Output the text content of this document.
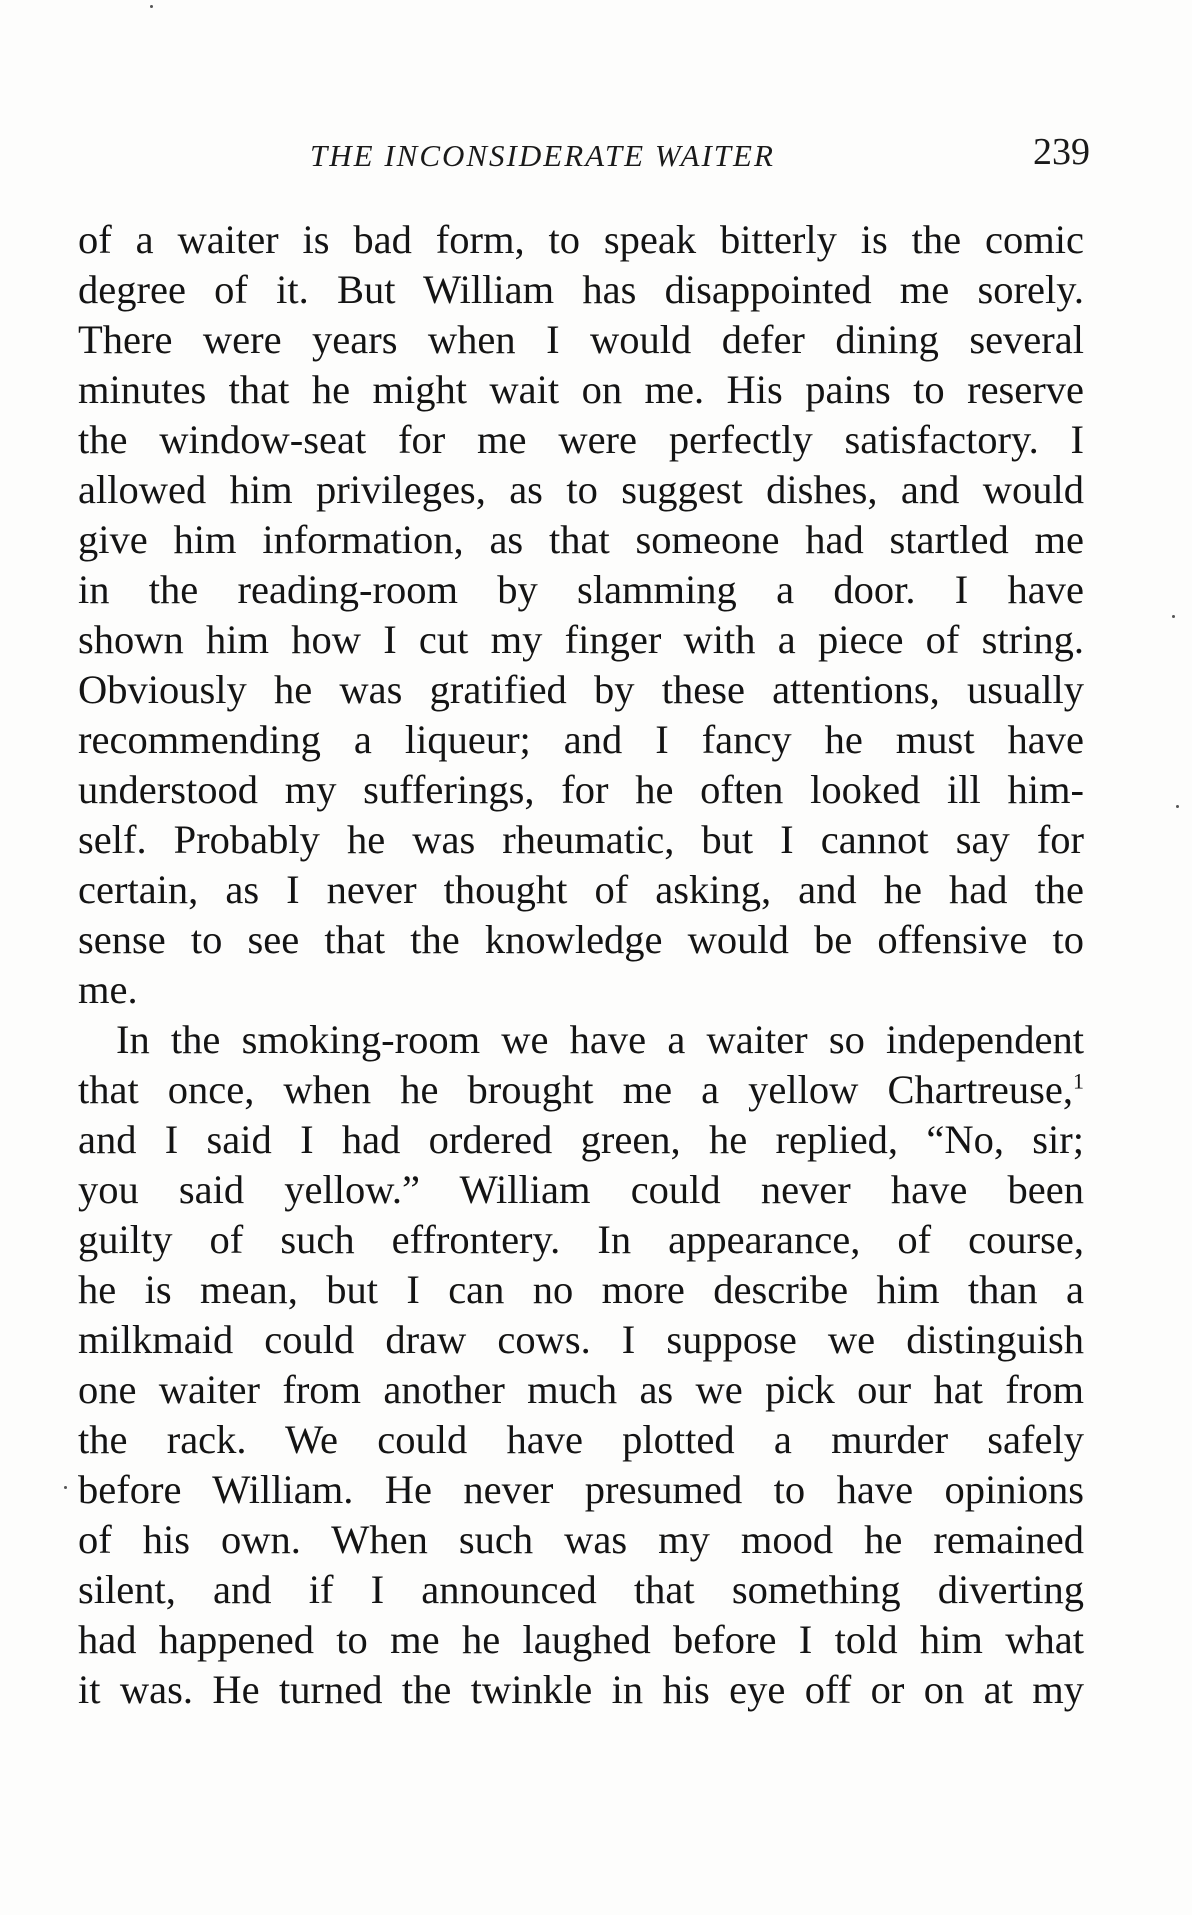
THE INCONSIDERATE WAITER	239
of a waiter is bad form, to speak bitterly is the comic
degree of it. But William has disappointed me sorely.
There were years when I would defer dining several
minutes that he might wait on me. His pains to reserve
the window-seat for me were perfectly satisfactory. I
allowed him privileges, as to suggest dishes, and would
give him information, as that someone had startled me
in the reading-room by slamming a door. I have
shown him how I cut my finger with a piece of string.
Obviously he was gratified by these attentions, usually
recommending a liqueur; and I fancy he must have
understood my sufferings, for he often looked ill him-
self. Probably he was rheumatic, but I cannot say for
certain, as I never thought of asking, and he had the
sense to see that the knowledge would be offensive to
me.
In the smoking-room we have a waiter so independent
that once, when he brought me a yellow Chartreuse,$^1$
and I said I had ordered green, he replied, “No, sir;
you said yellow.” William could never have been
guilty of such effrontery. In appearance, of course,
he is mean, but I can no more describe him than a
milkmaid could draw cows. I suppose we distinguish
one waiter from another much as we pick our hat from
the rack. We could have plotted a murder safely
before William. He never presumed to have opinions
of his own. When such was my mood he remained
silent, and if I announced that something diverting
had happened to me he laughed before I told him what
it was. He turned the twinkle in his eye off or on at my
